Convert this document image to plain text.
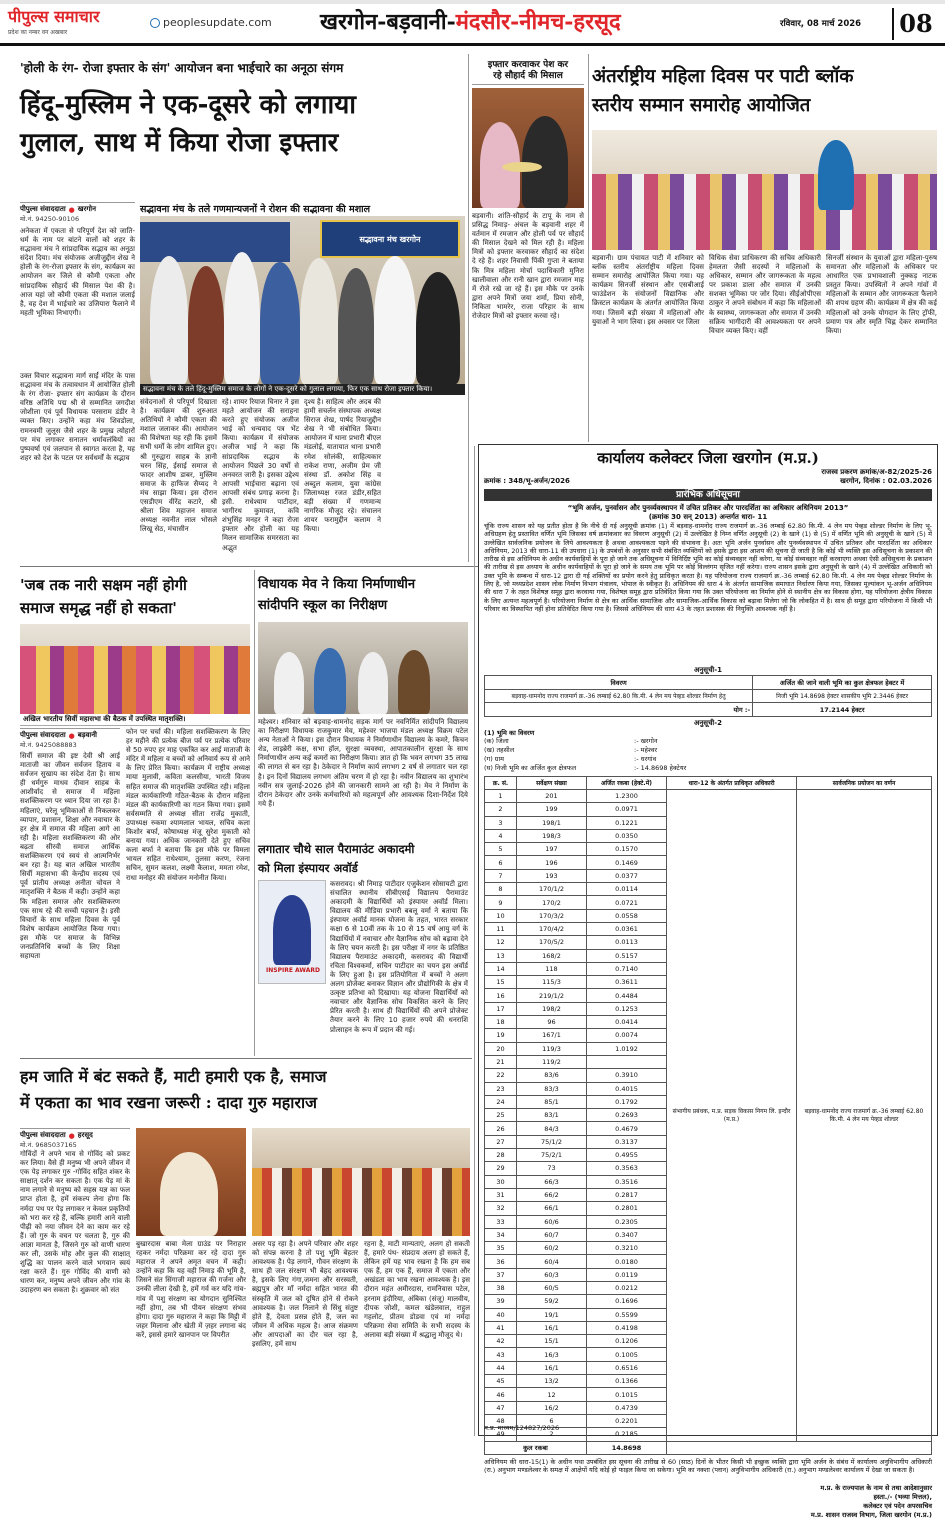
पीपुल्स समाचार
प्रदेश का नम्बर वन अखबार
peoplesupdate.com खरगोन-बड़वानी-मंदसौर-नीमच-हरसूद	रविवार, 08 मार्च 2026	08
'होली के रंग- रोजा इफ्तार के संग' आयोजन बना भाईचारे का अनूठा संगम
हिंदू-मुस्लिम ने एक-दूसरे को लगाया
गुलाल, साथ में किया रोजा इफ्तार
पीपुल्स संवाददाता ● खरगोन
मो.नं. 94250-90106
सद्भावना मंच के तले गणमान्यजनों ने रोशन की सद्भावना की मशाल
अनेकता में एकता से परिपूर्ण देश को जाति- धर्म के नाम पर बांटने वालों को शहर के सद्भावना मंच ने सांप्रदायिक सद्भाव का अनूठा संदेश दिया। मंच संयोजक अजीजुद्दीन शेख ने होली के रंग-रोजा इफ्तार के संग, कार्यक्रम का आयोजन कर जिले से कौमी एकता और सांप्रदायिक सौहार्द की मिसाल पेश की है। आज यहां जो कौमी एकता की मशाल जलाई है, वह देश में भाईचारे का उजियारा फैलाने में महती भूमिका निभाएगी।
उक्त विचार सद्भावना मार्ग साईं मंदिर के पास सद्भावना मंच के तत्वावधान में आयोजित होली के रंग रोजा- इफ्तार संग कार्यक्रम के दौरान वरिष्ठ अतिथि पद्म श्री से सम्मानित जगदीश जोशीला एवं पूर्व विधायक परसराम डंडीर ने व्यक्त किए। उन्होंने कहा मंच शिवडोला, रामनवमी जुलूस जैसे शहर के प्रमुख त्योहारों पर मंच लगाकर सनातन धर्मावलंबियों का पुष्पवर्षा एवं जलपान से स्वागत करता है, यह शहर को देश के पटल पर सर्वधर्मों के सद्भाव
सद्भावना मंच खरगोन
सद्भावना मंच के तले हिंदू-मुस्लिम समाज के लोगों ने एक-दूसरे को गुलाल लगाया, फिर एक साथ रोजा इफ्तार किया।
संवेदनाओं से परिपूर्ण दिखाता है। कार्यक्रम की शुरुआत अतिथियों ने कौमी एकता की मशाल जलाकर की। आयोजन की विशेषता यह रही कि इसमें सभी धर्मों के लोग शामिल हुए। श्री गुरुद्वारा साहब के ज्ञानी चरन सिंह, ईसाई समाज से फादर आशीष डाबर, मुस्लिम समाज के हाफिज सैय्यद ने मंच साझा किया। इस दौरान एसडीएम वीरेंद्र कटारे, श्री श्रीला शिव महाजन समाज अध्यक्ष नवनीत लाल भोसले लिखू सेठ, मंचासीन
रहे। शायर रियाज चिनार ने इस महते आयोजन की सराहना करते हुए संयोजक अजीज भाई को धन्यवाद पत्र भेंट किया। कार्यक्रम में संयोजक अजीज भाई ने कहा कि सांप्रदायिक सद्भाव के आयोजन पिछले 30 वर्षों से अनवरत जारी है। इसका उद्देश्य आपसी भाईचारा बढ़ाना एवं आपसी संबंध प्रगाढ़ करना है। इसी. राधेश्याम पाटीदार, भागीरथ कुमावत, कवि शंभुसिंह मनहर ने कहा रोजा इफ्तार और होली का यह मिलन सामाजिक समरसता का अद्भुत
दृश्य है। साहित्य और अदब की हामी सचर्लन संस्थापक अध्यक्ष सिराज शेख, पार्षद रियाजुद्दीन शेख ने भी संबोधित किया। आयोजन में थाना प्रभारी बीएल मंडलोई, यातायात थाना प्रभारी रमेश सोलंकी, साहित्यकार राकेश राणा, अजीम प्रेम जी संस्था डॉ. अकोश सिंह व अब्दुल कलाम, युवा कांग्रेस जिलाध्यक्ष रजत डंडीर,सहित बड़ी संख्या में गणमान्य नागरिक मौजूद रहे। संचालन शायर फरामुद्दीन कलाम ने किया।
इफ्तार करवाकर पेश कर
रहे सौहार्द की मिसाल
बड़वानी। शांति-सौहार्द के टापू के नाम से प्रसिद्ध निमाड़- अंचल के बड़वानी शहर में वर्तमान में रमजान और होली पर्व पर सौहार्द की मिसाल देखने को मिल रही है। महिला मित्रों को इफ्तार करवाकर सौहार्द का संदेश दे रहे हैं। शहर निवासी पिंकी गुप्ता ने बताया कि मित्र महिला मोर्चा पदाधिकारी मुनिरा खालीवाला और रानी खान द्वारा रमजान माह में रोजे रखे जा रहे हैं। इस मौके पर उनके द्वारा अपने मित्रों जया शर्मा, प्रिया सोनी, निकिता भामरेर, राजा परिहार के साथ रोजेदार मित्रों को इफ्तार करवा रहे।
अंतर्राष्ट्रीय महिला दिवस पर पाटी ब्लॉक
स्तरीय सम्मान समारोह आयोजित
बड़वानी। ग्राम पंचायत पाटी में शनिवार को ब्लॉक स्तरीय अंतर्राष्ट्रीय महिला दिवस सम्मान समारोह आयोजित किया गया। यह कार्यक्रम सिनर्जी संस्थान और एसबीआई फाउंडेशन के संयोजनों विद्यानिक और क्रिस्टल कार्यक्रम के अंतर्गत आयोजित किया गया। जिसमें बड़ी संख्या में महिलाओं और युवाओं ने भाग लिया। इस अवसर पर जिला
विधिक सेवा प्राधिकरण की सचिव अधिकारी हेमलता जैसी सदस्यों ने महिलाओं के अधिकार, सम्मान और जागरूकता के महत्व पर प्रकाश डाला और समाज में उनकी सशक्त भूमिका पर जोर दिया। सीईओपीएस ठाकुर ने अपने संबोधन में कहा कि महिलाओं के स्वास्थ्य, जागरूकता और समाज में उनकी सक्रिय भागीदारी की आवश्यकता पर अपने विचार व्यक्त किए। वहीं
सिनर्जी संस्थान के युवाओं द्वारा महिला-पुरुष समानता और महिलाओं के अधिकार पर आधारित एक प्रभावशाली नुक्कड़ नाटक प्रस्तुत किया। उपस्थितों ने अपने गांवों में महिलाओं के सम्मान और जागरूकता फैलाने की शपथ ग्रहण की। कार्यक्रम में क्षेत्र की कई महिलाओं को उनके योगदान के लिए ट्रॉफी, प्रमाण पत्र और स्मृति चिह्न देकर सम्मानित किया।
'जब तक नारी सक्षम नहीं होगी
समाज समृद्ध नहीं हो सकता'
अखिल भारतीय सिर्वी महासभा की बैठक में उपस्थित मातृशक्ति।
पीपुल्स संवाददाता ● बड़वानी
मो.नं. 9425088883
सिर्वी समाज की इष्ट देवी श्री आई माताजी का जीवन सर्वजन हिताय व सर्वजन सुखाय का संदेश देता है। साथ ही धर्मगुरु माधव दीवान साहब के आशीर्वाद से समाज में महिला सशक्तिकरण पर ध्यान दिया जा रहा है। महिलाएं, घरेलू भूमिकाओं से निकलकर व्यापार, प्रशासन, शिक्षा और नवाचार के हर क्षेत्र में समाज की महिला आगे आ रही है। महिला सशक्तिकरण की ओर बढ़ता सीरवी समाज आर्थिक सशक्तिकरण एवं स्वयं से आत्मनिर्भर बन रहा है। यह बात अखिल भारतीय सिर्वी महासभा की केन्द्रीय सदस्य एवं पूर्व प्रांतीय अध्यक्ष अनीता चोयल ने मातृशक्ति ने बैठक में कही। उन्होंने कहा कि महिला समाज और सशक्तिकरण एक साथ रहे की सच्ची पहचान है। इसी विचारों के साथ महिला दिवस के पूर्व विशेष कार्यक्रम आयोजित किया गया। इस मौके पर समाज के विभिन्न जनप्रतिनिधि बच्चों के लिए शिक्षा सहायता
फोन पर चर्चा की। महिला सशक्तिकरण के लिए हर महीने की प्रत्येक बीज पर्व पर प्रत्येक परिवार से 50 रुपए हर माह एकत्रित कर आई माताजी के मंदिर में महिला व बच्चों को अनिवार्य रूप से आने के लिए प्रेरित किया। कार्यक्रम में राष्ट्रीय अध्यक्ष माया मुलावी, कविता कलसीया, भारती विजय सहित समाज की मातृशक्ति उपस्थित रही। महिला मंडल कार्यकारिणी गठित-बैठक के दौरान महिला मंडल की कार्यकारिणी का गठन किया गया। इसमें सर्वसम्मति से अध्यक्ष सीता राजेंद्र मुकाती, उपाध्यक्ष रुकमा श्यामलाल भायल, सचिव कला किशोर बर्फा, कोषाध्यक्ष मंजू सुरेश मुकाती को बनाया गया। अधिक जानकारी देते हुए सचिव कला बर्फा ने बताया कि इस मौके पर विमला भायल सहित राधेश्याम, तुलसा करण, रंजना सचिन, सुमन कलश, लक्ष्मी कैलाश, ममता रमेश, राधा मनोहर की संयोजन मनोनीत किया।
विधायक मेव ने किया निर्माणाधीन
सांदीपनि स्कूल का निरीक्षण
महेश्वर। शनिवार को बड़वाह-धामनोद सड़क मार्ग पर नवनिर्मित सांदीपनि विद्यालय का निरीक्षण विधायक राजकुमार मेव, महेश्वर भाजपा मंडल अध्यक्ष विक्रम पटेल अन्य नेताओं ने किया। इस दौरान विधायक ने निर्माणाधीन विद्यालय के कमरे, किचन शेड, लाइब्रेरी कक्ष, सभा हॉल, सुरक्षा व्यवस्था, आपातकालीन सुरक्षा के साथ निर्माणाधीन अन्य कई कमरों का निरीक्षण किया। ज्ञात हो कि भवन लगभग 35 लाख की लागत से बन रहा है। ठेकेदार ने निर्माण कार्य लगभग 2 वर्ष से लगातार चल रहा है। इन दिनों विद्यालय लगभग अंतिम चरण में हो रहा है। नवीन विद्यालय का शुभारंभ नवीन सत्र जुलाई-2026 होने की जानकारी सामने आ रही है। मेव ने निर्माण के दौरान ठेकेदार और उनके कर्मचारियों को महत्वपूर्ण और आवश्यक दिशा-निर्देश दिये गये हैं।
लगातार चौथे साल पैरामाउंट अकादमी
को मिला इंस्पायर अवॉर्ड
INSPIRE AWARD
कसरावद। श्री निमाड़ पाटीदार एजुकेशन सोसायटी द्वारा संचालित स्थानीय सीबीएसई विद्यालय पैरामाउंट अकादमी के विद्यार्थियों को इंस्पायर अवॉर्ड मिला। विद्यालय की मीडिया प्रभारी बबलू वर्मा ने बताया कि इंस्पायर अवॉर्ड मानक योजना के तहत, भारत सरकार कक्षा 6 से 10वीं तक के 10 से 15 वर्ष आयु वर्ग के विद्यार्थियों में नवाचार और वैज्ञानिक सोच को बढ़ावा देने के लिए चयन करती है। इस परीक्षा में नगर के प्रतिष्ठित विद्यालय पैरामाउंट अकादमी, कसरावद की विद्यार्थी रचिता विश्वकर्मा, सचिन पाटीदार का चयन इस अवॉर्ड के लिए हुआ है। इस प्रतियोगिता में बच्चों ने अलग अलग प्रोजेक्ट बनाकर विज्ञान और प्रौद्योगिकी के क्षेत्र में उत्कृष्ट प्रतिभा को दिखाया। यह योजना विद्यार्थियों को नवाचार और वैज्ञानिक सोच विकसित करने के लिए प्रेरित करती है। साथ ही विद्यार्थियों की अपने प्रोजेक्ट तैयार करने के लिए 10 हजार रुपये की धनराशि प्रोत्साहन के रूप में प्रदान की गई।
हम जाति में बंट सकते हैं, माटी हमारी एक है, समाज
में एकता का भाव रखना जरूरी : दादा गुरु महाराज
पीपुल्स संवाददाता ● हरसूद
मो.नं. 9685037165
गोविंदों ने अपने भाव से गोविंद को प्रकट कर लिया। वैसे ही मनुष्य भी अपने जीवन में एक पेड़ लगाकर गुरु -गोविंद सहित शंकर के साक्षात् दर्शन कर सकता है। एक पेड़ मां के नाम लगाने से मनुष्य को सहस्र यज्ञ का फल प्राप्त होता है, हमें संकल्प लेना होगा कि नर्मदा पथ पर पेड़ लगाकर न केवल प्रकृतियों को भरा कर रहे हैं, बल्कि हमारी आने वाली पीढ़ी को नया जीवन देने का काम कर रहे हैं। जो गुरु के वचन पर चलता है, गुरु की आज्ञा मानता है, जिसने गुरु को वाणी धारण कर ली, उसके मोह और कुल की साक्षात् शुद्धि का पालन करने वाले भगवान स्वयं रक्षा करते हैं। गुरु गोविंद की वाणी को धारण कर, मनुष्य अपने जीवन और गांव के उदाहरण बन सकता है। शुक्रवार को संत
बुखारदास बाबा मेला ग्राउंड पर निराहार रहकर नर्मदा परिक्रमा कर रहे दादा गुरु महाराज ने अपने अमृत वचन में कही। उन्होंने कहा कि यह वही निमाड़ की भूमि है, जिसने संत सिंगाजी महाराज की गर्जना और उनकी लीला देखी है, हमें गर्व कर यदि गांव-गांव में पशु संरक्षण का योगदान सुनिश्चित नहीं होगा, तब भी पीयन संरक्षण संभव होगा। दादा गुरु महाराज ने कहा कि मिट्टी में जहर मिलाना और खेती में ज़हर लगाना बंद करें, इससे हमारे खानपान पर विपरीत
असर पड़ रहा है। अपने परिवार और शहर को संपन्न करना है तो पशु भूमि बेहतर आवश्यक है। पेड़ लगाने, गौवन संरक्षण के साथ ही जल संरक्षण भी बेहद आवश्यक है, इसके लिए गंगा,जमना और सरस्वती, ब्रह्मपुत्र और माँ नर्मदा सहित भारत की संस्कृति में जल को दूषित होने से रोकने आवश्यक है। जल निलाने से सिंधु संतुष्ट होते हैं, देवता प्रसन्न होते हैं, जल का जीवन में अधिक महत्व है। आज संक्रमण और आपदाओं का दौर चल रहा है, इसलिए, हमें साथ
रहना है, माटी मान्यताएं, अलग हो सकती हैं, हमारे पंथ- संप्रदाय अलग हो सकते हैं, लेकिन हमें यह भाव रखना है कि हम सब एक हैं, हम एक हैं, समाज में एकता और अखंडता का भाव रखना आवश्यक है। इस दौरान महंत अमीरदास, रामनिवास पटेल, हरनाम इंदौरिया, अंबिका (संजू) मालवीय, दीपक जोशी, कमल खंडेलवाल, राहुल गहलोट, प्रीतम डोडवा एवं मां नर्मदा परिक्रमा सेवा समिति के सभी सदस्य के अलावा बड़ी संख्या में श्रद्धालु मौजूद थे।
कार्यालय कलेक्टर जिला खरगोन (म.प्र.)
राजस्व प्रकरण क्रमांक/अ-82/2025-26
क्रमांक : 348/भू-अर्जन/2026	खरगोन, दिनांक : 02.03.2026
प्रारंभिक अधिसूचना
“भूमि अर्जन, पुनर्वासन और पुनर्व्यवस्थापन में उचित प्रतिकर और पारदर्शिता का अधिकार अधिनियम 2013”
(क्रमांक 30 सन् 2013) अन्तर्गत धारा- 11
चूंकि राज्य शासन को यह प्रतीत होता है कि नीचे दी गई अनुसूची क्रमांक (1) में बड़वाह-धामनोद राज्य राजमार्ग क्र.-36 लम्बाई 62.80 कि.मी. 4 लेन मय पेव्हड शोल्डर निर्माण के लिए भू-अधिग्रहण हेतु प्रस्तावित वर्णित भूमि जिसका वर्ष क्रमांकवार का विवरण अनुसूची (2) में उल्लेखित है निम्न वर्णित अनुसूची (2) के खाने (1) से (5) में वर्णित भूमि की अनुसूची के खाने (5) में उल्लेखित सार्वजनिक प्रयोजन के लिये आवश्यकता है अथवा आवश्यकता पड़ने की संभावना है। अतः भूमि अर्जन पुनर्वासन और पुनर्व्यवस्थापन में उचित प्रतिकर और पारदर्शिता का अधिकार अधिनियम, 2013 की धारा-11 की उपधारा (1) के उपबंधों के अनुसार सभी संबंधित व्यक्तियों को इसके द्वारा इस आशय की सूचना दी जाती है कि कोई भी व्यक्ति इस अधिसूचना के प्रकाशन की तारीख से इस अधिनियम के अधीन कार्यवाहियों के पूरा हो जाने तक अधिसूचना में विनिर्दिष्ट भूमि का कोई संव्यवहार नहीं करेगा, या कोई संव्यवहार नहीं करवाएगा अथवा ऐसी अधिसूचना के प्रकाशन की तारीख से इस अध्याय के अधीन कार्यवाहियों के पूरा हो जाने के समय तक भूमि पर कोई विल्लंगम सृजित नहीं करेगा। राज्य शासन इसके द्वारा अनुसूची के खाने (4) में उल्लेखित अधिकारी को उक्त भूमि के सम्बन्ध में धारा-12 द्वारा दी गई शक्तियों का प्रयोग करने हेतु प्राधिकृत करता है। यह परियोजना राज्य राजमार्ग क्र.-36 लम्बाई 62.80 कि.मी. 4 लेन मय पेव्हड शोल्डर निर्माण के लिए है, जो मध्यप्रदेश शासन लोक निर्माण विभाग मंत्रालय, भोपाल के स्वीकृत है। अधिनियम की धारा 4 के अंतर्गत सामाजिक समाघात निर्धारण किया गया, जिसका मूल्यांकन भू-अर्जन अधिनियम की धारा 7 के तहत विशेषज्ञ समूह द्वारा करवाया गया, विशेषज्ञ समूह द्वारा प्रतिवेदित किया गया कि उक्त परियोजना का निर्माण होने से स्थानीय क्षेत्र का विकास होगा, यह परियोजना क्षेत्रीय विकास के लिए अत्यन्त महत्वपूर्ण है। परियोजना निर्माण से क्षेत्र का आर्थिक सामाजिक और सामाजिक-आर्थिक विकास को बढ़ावा मिलेगा जो कि लोकहित में है। साथ ही समूह द्वारा परियोजना में किसी भी परिवार का विस्थापित नहीं होना प्रतिवेदित किया गया है। जिससे अधिनियम की धारा 43 के तहत प्रशासक की नियुक्ति आवश्यक नहीं है।
अनुसूची-1
विवरण	अर्जित की जाने वाली भूमि का कुल क्षेत्रफल हेक्टर में
बड़वाह-धामनोद राज्य राजमार्ग क्र.-36 लम्बाई 62.80 कि.मी. 4 लेन मय पेव्हड शोल्डर निर्माण हेतु	निजी भूमि 14.8698 हेक्टर शासकीय भूमि 2.3446 हेक्टर
योग :-	17.2144 हेक्टर
अनुसूची-2
(1) भूमि का विवरण
(क) जिला	:- खरगोन
(ख) तहसील	:- महेश्वर
(ग) ग्राम	:- धरगांव
(घ) निजी भूमि का अर्जित कुल क्षेत्रफल	:- 14.8698 हेक्टेयर
क्र. सं.	सर्वेक्षण संख्या	अर्जित रकबा (हेक्टे.में)	धारा-12 के अंतर्गत प्राधिकृत अधिकारी	सार्वजनिक प्रयोजन का वर्णन
1	201	1.2300	संभागीय प्रबंधक, म.प्र. सड़क विकास निगम लि. इन्दौर (म.प्र.)	बड़वाह-धामनोद राज्य राजमार्ग क्र.-36 लम्बाई 62.80 कि.मी. 4 लेन मय पेव्हड शोल्डर
2	199	0.0971		
3	198/1	0.1221		
4	198/3	0.0350		
5	197	0.1570		
6	196	0.1469		
7	193	0.0377		
8	170/1/2	0.0114		
9	170/2	0.0721		
10	170/3/2	0.0558		
11	170/4/2	0.0361		
12	170/5/2	0.0113		
13	168/2	0.5157		
14	118	0.7140		
15	115/3	0.3611		
16	219/1/2	0.4484		
17	198/2	0.1253		
18	96	0.0414		
19	167/1	0.0074		
20	119/3	1.0192		
21	119/2			
22	83/6	0.3910		
23	83/3	0.4015		
24	85/1	0.1792		
25	83/1	0.2693		
26	84/3	0.4679		
27	75/1/2	0.3137		
28	75/2/1	0.4955		
29	73	0.3563		
30	66/3	0.3516		
31	66/2	0.2817		
32	66/1	0.2801		
33	60/6	0.2305		
34	60/7	0.3407		
35	60/2	0.3210		
36	60/4	0.0180		
37	60/3	0.0119		
38	60/5	0.0212		
39	59/2	0.1696		
40	19/1	0.5599		
41	16/1	0.4198		
42	15/1	0.1206		
43	16/3	0.1005		
44	16/1	0.6516		
45	13/2	0.1366		
46	12	0.1015		
47	16/2	0.4739		
48	6	0.2201		
49	2	0.2185		
कुल रकबा		14.8698		
अधिनियम की धारा-15(1) के अधीन यथा उपबंधित इस सूचना की तारीख से 60 (साठ) दिनों के भीतर किसी भी इच्छुक व्यक्ति द्वारा भूमि अर्जन के संबंध में कार्यालय अनुविभागीय अधिकारी (रा.) अनुभाग मण्डलेश्वर के समक्ष में आक्षेपों यदि कोई हो फाइल किया जा सकेगा। भूमि का नक्शा (प्लान) अनुविभागीय अधिकारी (रा.) अनुभाग मण्डलेश्वर कार्यालय में देखा जा सकता है।
म.प्र. के राज्यपाल के नाम से तथा आदेशानुसार
हस्ता./- (भव्या मित्तल),
कलेक्टर एवं पदेन अपरसचिव
म.प्र. शासन राजस्व विभाग, जिला खरगोन (म.प्र.)
म.प्र. माध्यम/124827/2026
